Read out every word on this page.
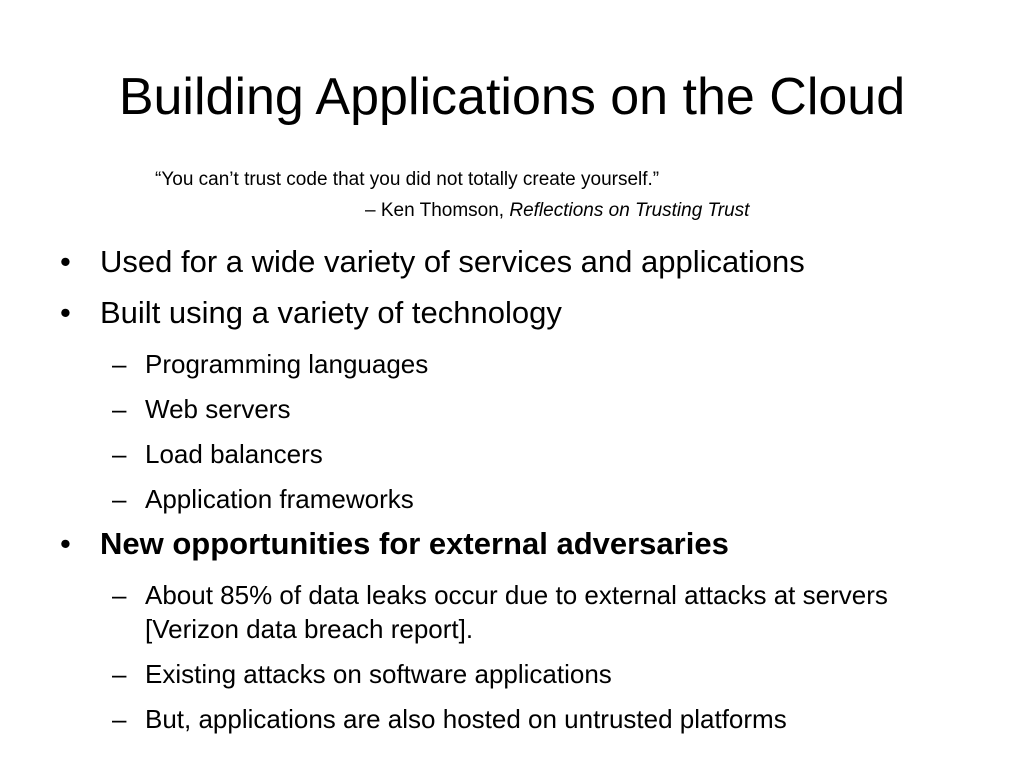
Building Applications on the Cloud
“You can’t trust code that you did not totally create yourself.”
– Ken Thomson, Reflections on Trusting Trust
• Used for a wide variety of services and applications
• Built using a variety of technology
– Programming languages
– Web servers
– Load balancers
– Application frameworks
• New opportunities for external adversaries
– About 85% of data leaks occur due to external attacks at servers [Verizon data breach report].
– Existing attacks on software applications
– But, applications are also hosted on untrusted platforms
